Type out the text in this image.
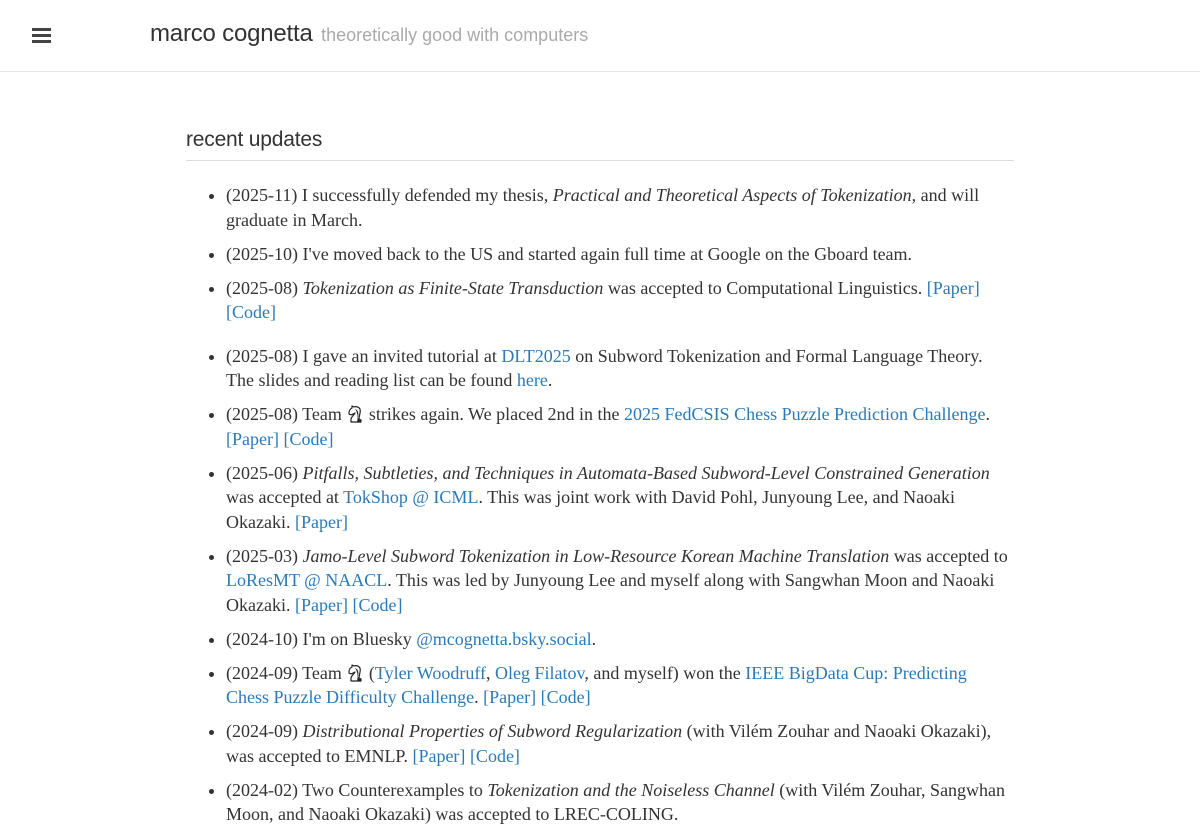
marco cognetta theoretically good with computers
recent updates
• (2025-11) I successfully defended my thesis, Practical and Theoretical Aspects of Tokenization, and will graduate in March.
• (2025-10) I've moved back to the US and started again full time at Google on the Gboard team.
• (2025-08) Tokenization as Finite-State Transduction was accepted to Computational Linguistics. [Paper] [Code]
• (2025-08) I gave an invited tutorial at DLT2025 on Subword Tokenization and Formal Language Theory. The slides and reading list can be found here.
• (2025-08) Team  strikes again. We placed 2nd in the 2025 FedCSIS Chess Puzzle Prediction Challenge. [Paper] [Code]
• (2025-06) Pitfalls, Subtleties, and Techniques in Automata-Based Subword-Level Constrained Generation was accepted at TokShop @ ICML. This was joint work with David Pohl, Junyoung Lee, and Naoaki Okazaki. [Paper]
• (2025-03) Jamo-Level Subword Tokenization in Low-Resource Korean Machine Translation was accepted to LoResMT @ NAACL. This was led by Junyoung Lee and myself along with Sangwhan Moon and Naoaki Okazaki. [Paper] [Code]
• (2024-10) I'm on Bluesky @mcognetta.bsky.social.
• (2024-09) Team  (Tyler Woodruff, Oleg Filatov, and myself) won the IEEE BigData Cup: Predicting Chess Puzzle Difficulty Challenge. [Paper] [Code]
• (2024-09) Distributional Properties of Subword Regularization (with Vilém Zouhar and Naoaki Okazaki), was accepted to EMNLP. [Paper] [Code]
• (2024-02) Two Counterexamples to Tokenization and the Noiseless Channel (with Vilém Zouhar, Sangwhan Moon, and Naoaki Okazaki) was accepted to LREC-COLING.
